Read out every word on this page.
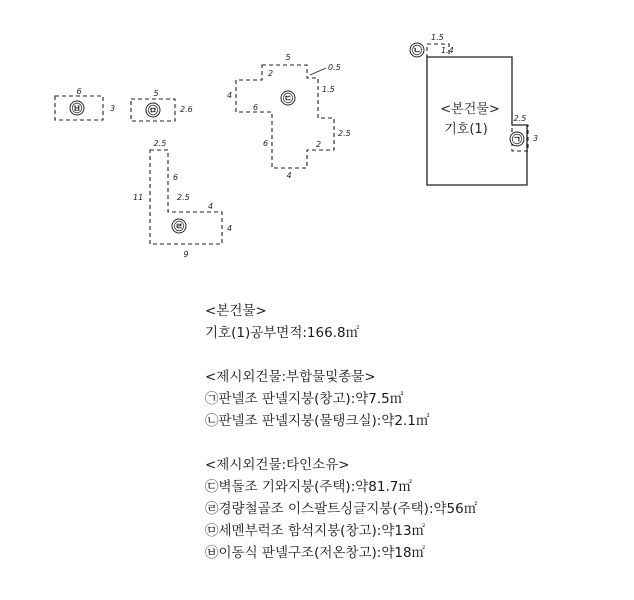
㉥
6
3	㉤
5
2.6
㉢
5
2
0.5
1.5
4
6
6
2.5
2
4
㉣
2.5
6
11	2.5
4
4
9
<본건물>
기호(1)
㉡
1.5
1.4
㉠
2.5
3
<본건물>
기호(1)공부면적:166.8㎡
<제시외건물:부합물및종물>
㉠판넬조 판넬지붕(창고):약7.5㎡
㉡판넬조 판넬지붕(물탱크실):약2.1㎡
<제시외건물:타인소유>
㉢벽돌조 기와지붕(주택):약81.7㎡
㉣경량철골조 이스팔트싱글지붕(주택):약56㎡
㉤세멘부럭조 함석지붕(창고):약13㎡
㉥이동식 판넬구조(저온창고):약18㎡
